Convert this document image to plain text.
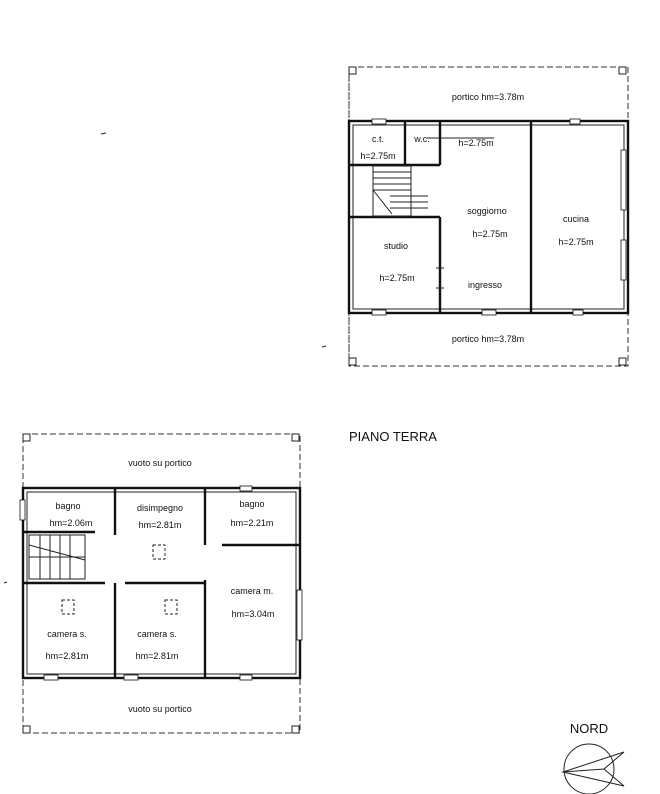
portico hm=3.78m
portico hm=3.78m
c.t.
h=2.75m
w.c.	h=2.75m
soggiorno
h=2.75m
cucina
h=2.75m
studio
h=2.75m
ingresso
PIANO TERRA
vuoto su portico
vuoto su portico
bagno
hm=2.06m
disimpegno
hm=2.81m
bagno
hm=2.21m
camera m.
hm=3.04m
camera s.
hm=2.81m
camera s.
hm=2.81m
NORD
